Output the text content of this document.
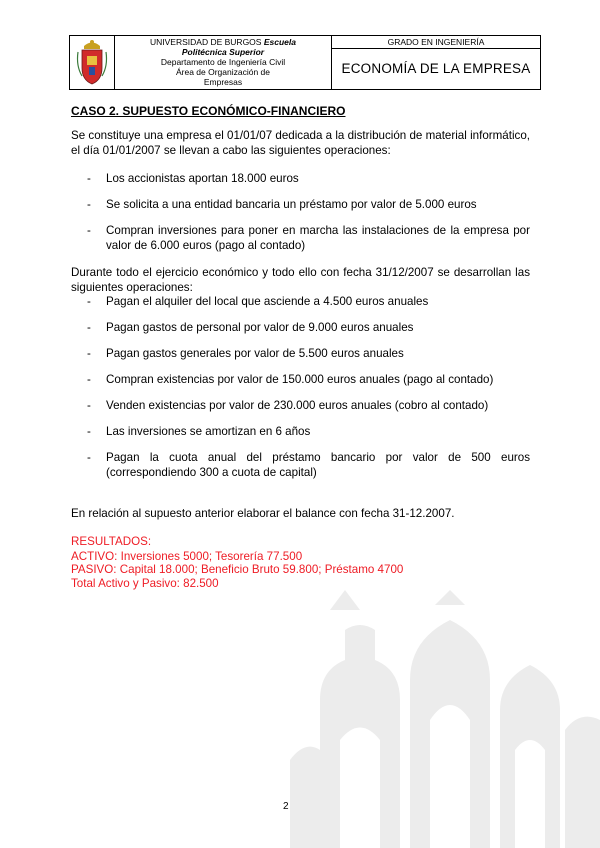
UNIVERSIDAD DE BURGOS Escuela
Politécnica Superior
Departamento de Ingeniería Civil
Área de Organización de
Empresas
GRADO EN INGENIERÍA
ECONOMÍA DE LA EMPRESA

CASO 2. SUPUESTO ECONÓMICO-FINANCIERO

Se constituye una empresa el 01/01/07 dedicada a la distribución de material informático, el día 01/01/2007 se llevan a cabo las siguientes operaciones:

- Los accionistas aportan 18.000 euros
- Se solicita a una entidad bancaria un préstamo por valor de 5.000 euros
- Compran inversiones para poner en marcha las instalaciones de la empresa por valor de 6.000 euros (pago al contado)

Durante todo el ejercicio económico y todo ello con fecha 31/12/2007 se desarrollan las siguientes operaciones:

- Pagan el alquiler del local que asciende a 4.500 euros anuales
- Pagan gastos de personal por valor de 9.000 euros anuales
- Pagan gastos generales por valor de 5.500 euros anuales
- Compran existencias por valor de 150.000 euros anuales (pago al contado)
- Venden existencias por valor de 230.000 euros anuales (cobro al contado)
- Las inversiones se amortizan en 6 años
- Pagan la cuota anual del préstamo bancario por valor de 500 euros (correspondiendo 300 a cuota de capital)

En relación al supuesto anterior elaborar el balance con fecha 31-12.2007.

RESULTADOS:

ACTIVO: Inversiones 5000; Tesorería 77.500

PASIVO: Capital 18.000; Beneficio Bruto 59.800; Préstamo 4700

Total Activo y Pasivo: 82.500

2
